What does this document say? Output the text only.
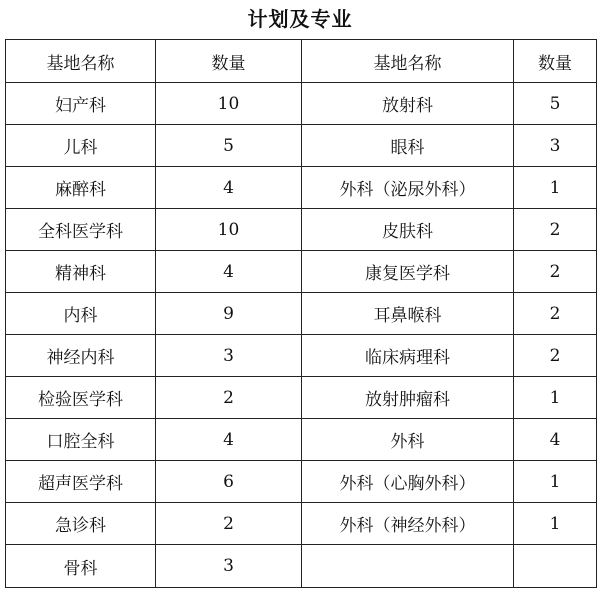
计划及专业
基地名称	数量	基地名称	数量
妇产科	10	放射科	5
儿科	5	眼科	3
麻醉科	4	外科（泌尿外科）	1
全科医学科	10	皮肤科	2
精神科	4	康复医学科	2
内科	9	耳鼻喉科	2
神经内科	3	临床病理科	2
检验医学科	2	放射肿瘤科	1
口腔全科	4	外科	4
超声医学科	6	外科（心胸外科）	1
急诊科	2	外科（神经外科）	1
骨科	3		
